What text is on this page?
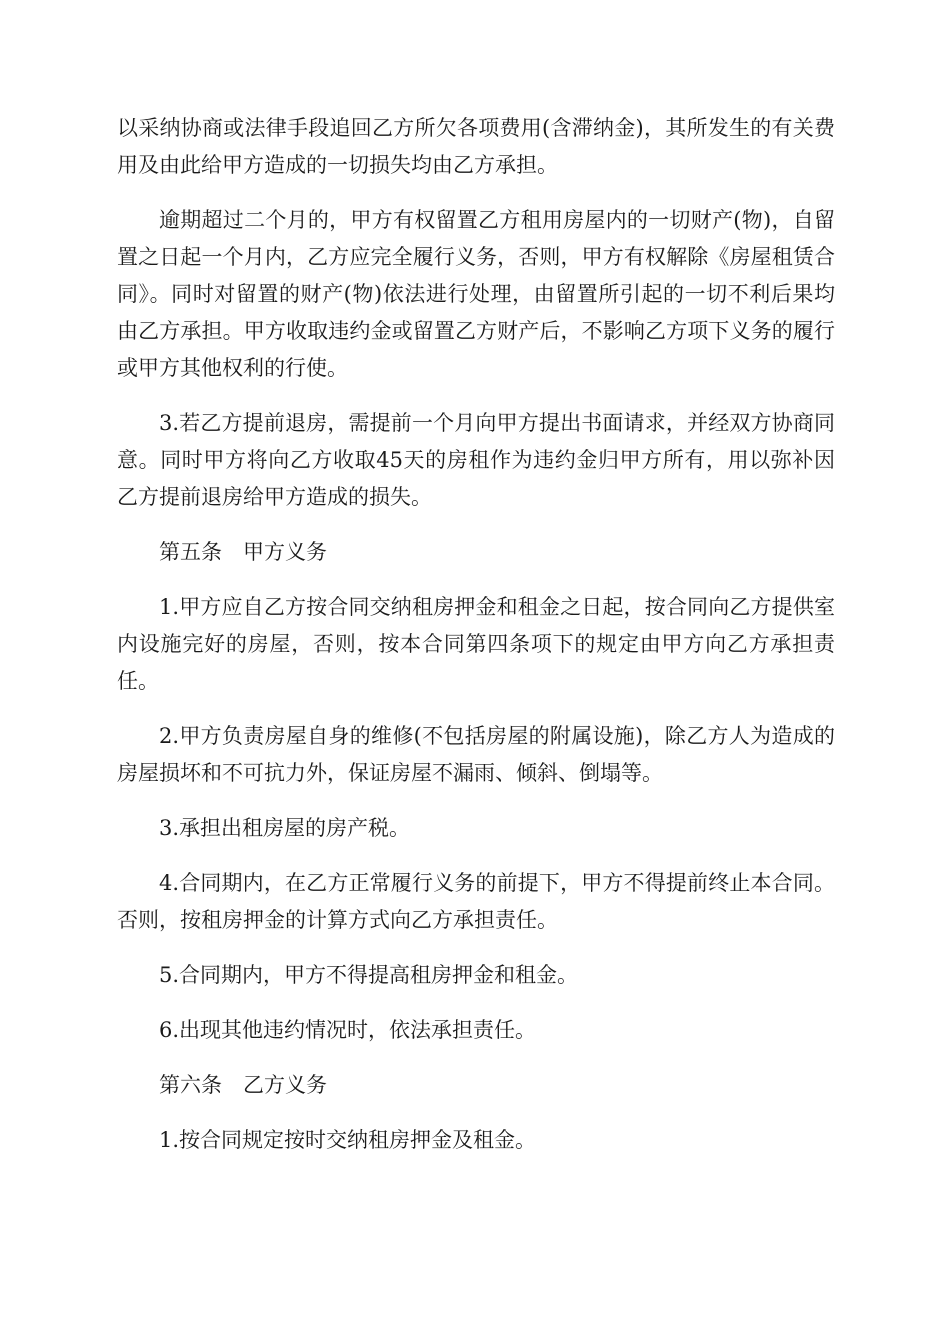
以采纳协商或法律手段追回乙方所欠各项费用(含滞纳金)，其所发生的有关费用及由此给甲方造成的一切损失均由乙方承担。

逾期超过二个月的，甲方有权留置乙方租用房屋内的一切财产(物)，自留置之日起一个月内，乙方应完全履行义务，否则，甲方有权解除《房屋租赁合同》。同时对留置的财产(物)依法进行处理，由留置所引起的一切不利后果均由乙方承担。甲方收取违约金或留置乙方财产后，不影响乙方项下义务的履行或甲方其他权利的行使。

3.若乙方提前退房，需提前一个月向甲方提出书面请求，并经双方协商同意。同时甲方将向乙方收取45天的房租作为违约金归甲方所有，用以弥补因乙方提前退房给甲方造成的损失。

第五条　甲方义务

1.甲方应自乙方按合同交纳租房押金和租金之日起，按合同向乙方提供室内设施完好的房屋，否则，按本合同第四条项下的规定由甲方向乙方承担责任。

2.甲方负责房屋自身的维修(不包括房屋的附属设施)，除乙方人为造成的房屋损坏和不可抗力外，保证房屋不漏雨、倾斜、倒塌等。

3.承担出租房屋的房产税。

4.合同期内，在乙方正常履行义务的前提下，甲方不得提前终止本合同。否则，按租房押金的计算方式向乙方承担责任。

5.合同期内，甲方不得提高租房押金和租金。

6.出现其他违约情况时，依法承担责任。

第六条　乙方义务

1.按合同规定按时交纳租房押金及租金。
